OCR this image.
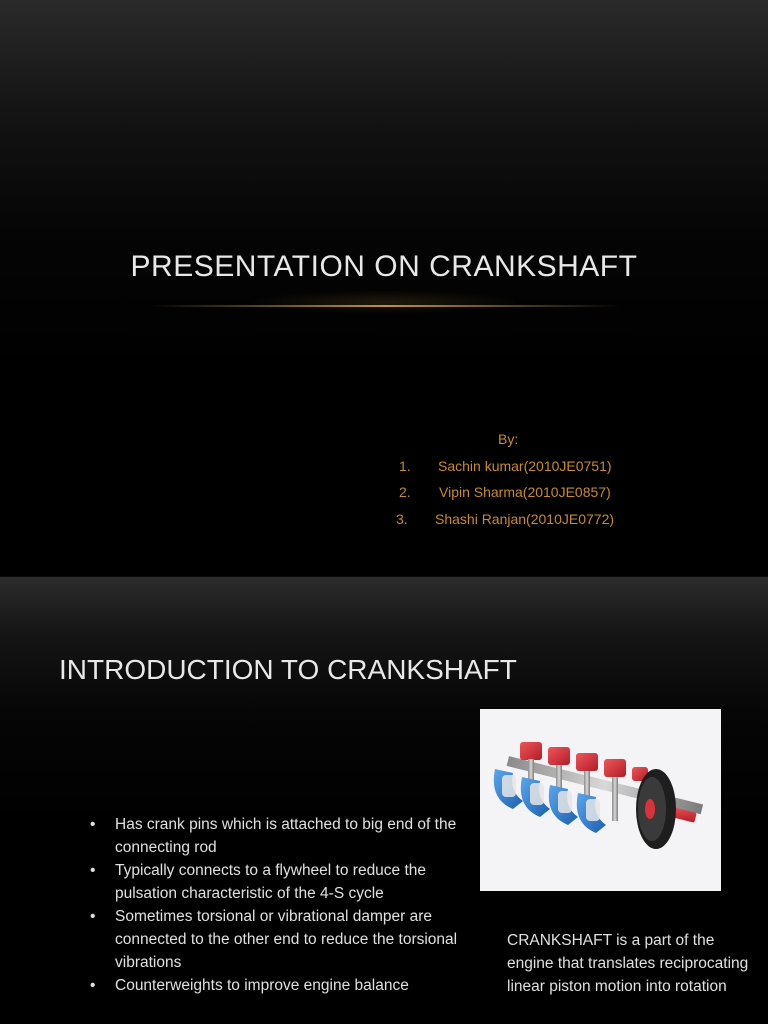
PRESENTATION ON CRANKSHAFT
By:
1. Sachin kumar(2010JE0751)
2. Vipin Sharma(2010JE0857)
3. Shashi Ranjan(2010JE0772)
INTRODUCTION TO CRANKSHAFT
• Has crank pins which is attached to big end of the connecting rod
• Typically connects to a flywheel to reduce the pulsation characteristic of the 4-S cycle
• Sometimes torsional or vibrational damper are connected to the other end to reduce the torsional vibrations
• Counterweights to improve engine balance
CRANKSHAFT is a part of the engine that translates reciprocating linear piston motion into rotation
